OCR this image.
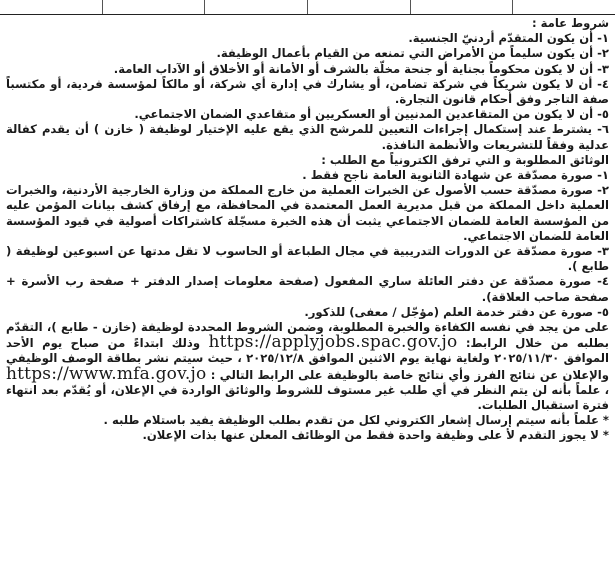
شروط عامة :

١- أن يكون المتقدّم أردنيّ الجنسية.

٢- أن يكون سليماً من الأمراض التي تمنعه من القيام بأعمال الوظيفة.

٣- أن لا يكون محكوماً بجناية أو جنحة مخلّة بالشرف أو الأمانة أو الأخلاق أو الآداب العامة.

٤- أن لا يكون شريكاً في شركة تضامن، أو يشارك في إدارة أي شركة، أو مالكاً لمؤسسة فردية، أو مكتسباً صفة التاجر وفق أحكام قانون التجارة.

٥- أن لا يكون من المتقاعدين المدنيين أو العسكريين أو متقاعدي الضمان الاجتماعي.

٦- يشترط عند إستكمال إجراءات التعيين للمرشح الذي يقع عليه الإختيار لوظيفة ( خازن ) أن يقدم كفالة عدلية وفقاً للتشريعات والأنظمة النافذة.

الوثائق المطلوبة و التي ترفق الكترونياً مع الطلب :

١- صورة مصدّقة عن شهادة الثانوية العامة ناجح فقط .

٢- صورة مصدّقة حسب الأصول عن الخبرات العملية من خارج المملكة من وزارة الخارجية الأردنية، والخبرات العملية داخل المملكة من قبل مديرية العمل المعتمدة في المحافظة، مع إرفاق كشف بيانات المؤمن عليه من المؤسسة العامة للضمان الاجتماعي يثبت أن هذه الخبرة مسجّلة كاشتراكات أصولية في قيود المؤسسة العامة للضمان الاجتماعي.

٣- صورة مصدّقة عن الدورات التدريبية في مجال الطباعة أو الحاسوب لا تقل مدتها عن اسبوعين لوظيفة ( طابع ).

٤- صورة مصدّقة عن دفتر العائلة ساري المفعول (صفحة معلومات إصدار الدفتر + صفحة رب الأسرة + صفحة صاحب العلاقة).

٥- صورة عن دفتر خدمة العلم (مؤجّل / معفى) للذكور.

على من يجد في نفسه الكفاءة والخبرة المطلوبة، وضمن الشروط المحددة لوظيفة (خازن - طابع )، التقدّم بطلبه من خلال الرابط: https://applyjobs.spac.gov.jo وذلك ابتداءً من صباح يوم الأحد الموافق ٢٠٢٥/١١/٣٠ ولغاية نهاية يوم الاثنين الموافق ٢٠٢٥/١٢/٨ ، حيث سيتم نشر بطاقة الوصف الوظيفي والإعلان عن نتائج الفرز وأي نتائج خاصة بالوظيفة على الرابط التالي : https://www.mfa.gov.jo ، علماً بأنه لن يتم النظر في أي طلب غير مستوف للشروط والوثائق الواردة في الإعلان، أو يُقدّم بعد انتهاء فترة استقبال الطلبات.

* علماً بأنه سيتم إرسال إشعار الكتروني لكل من تقدم بطلب الوظيفة يفيد باستلام طلبه .

* لا يجوز التقدم لأ على وظيفة واحدة فقط من الوظائف المعلن عنها بذات الإعلان.
